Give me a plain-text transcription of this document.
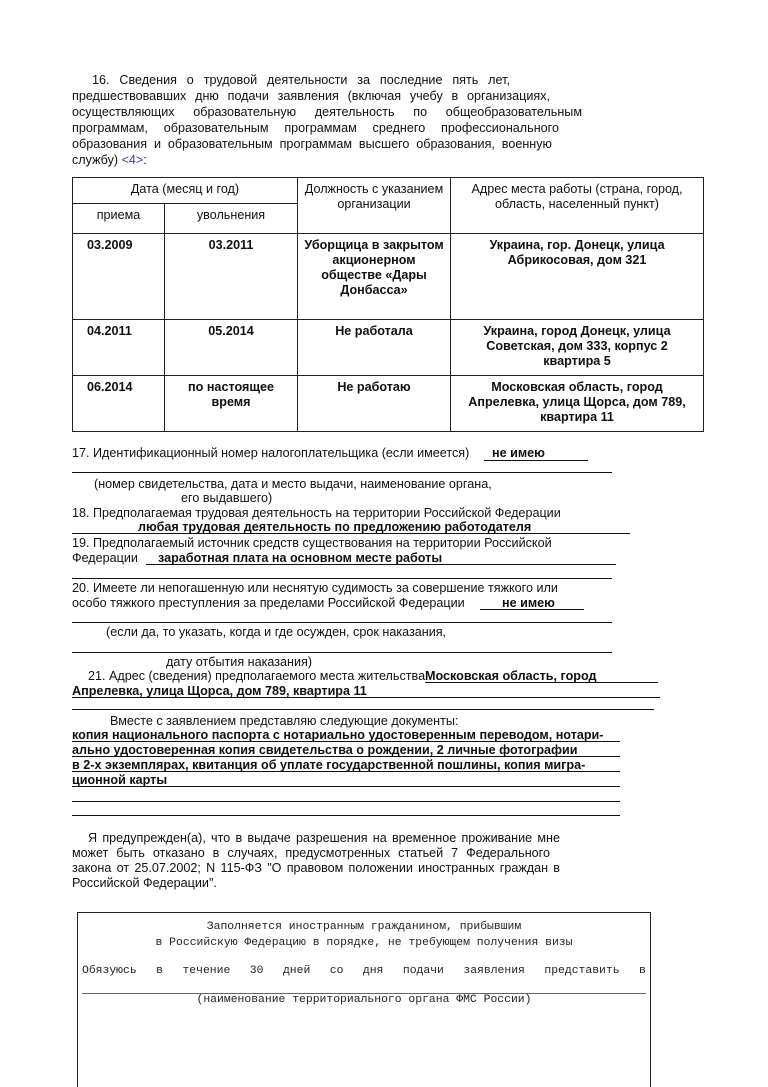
16. Сведения о трудовой деятельности за последние пять лет,
предшествовавших дню подачи заявления (включая учебу в организациях,
осуществляющих образовательную деятельность по общеобразовательным
программам, образовательным программам среднего профессионального
образования и образовательным программам высшего образования, военную
службу) <4>:
Дата (месяц и год)		Должность с указанием организации	Адрес места работы (страна, город, область, населенный пункт)
приема	увольнения		
03.2009	03.2011	Уборщица в закрытом акционерном обществе «Дары Донбасса»	Украина, гор. Донецк, улица Абрикосовая, дом 321
04.2011	05.2014	Не работала	Украина, город Донецк, улица Советская, дом 333, корпус 2 квартира 5
06.2014	по настоящее время	Не работаю	Московская область, город Апрелевка, улица Щорса, дом 789, квартира 11
17. Идентификационный номер налогоплательщика (если имеется) не имею
(номер свидетельства, дата и место выдачи, наименование органа,
его выдавшего)
18. Предполагаемая трудовая деятельность на территории Российской Федерации
любая трудовая деятельность по предложению работодателя
19. Предполагаемый источник средств существования на территории Российской
Федерации заработная плата на основном месте работы
20. Имеете ли непогашенную или неснятую судимость за совершение тяжкого или
особо тяжкого преступления за пределами Российской Федерации	не имею
(если да, то указать, когда и где осужден, срок наказания,
дату отбытия наказания)
21. Адрес (сведения) предполагаемого места жительства Московская область, город
Апрелевка, улица Щорса, дом 789, квартира 11
Вместе с заявлением представляю следующие документы:
копия национального паспорта с нотариально удостоверенным переводом, нотари-
ально удостоверенная копия свидетельства о рождении, 2 личные фотографии
в 2-х экземплярах, квитанция об уплате государственной пошлины, копия мигра-
ционной карты
Я предупрежден(а), что в выдаче разрешения на временное проживание мне
может быть отказано в случаях, предусмотренных статьей 7 Федерального
закона от 25.07.2002; N 115-ФЗ "О правовом положении иностранных граждан в
Российской Федерации".
Заполняется иностранным гражданином, прибывшим
в Российскую Федерацию в порядке, не требующем получения визы
Обязуюсь в течение 30 дней со дня подачи заявления представить в
(наименование территориального органа ФМС России)
